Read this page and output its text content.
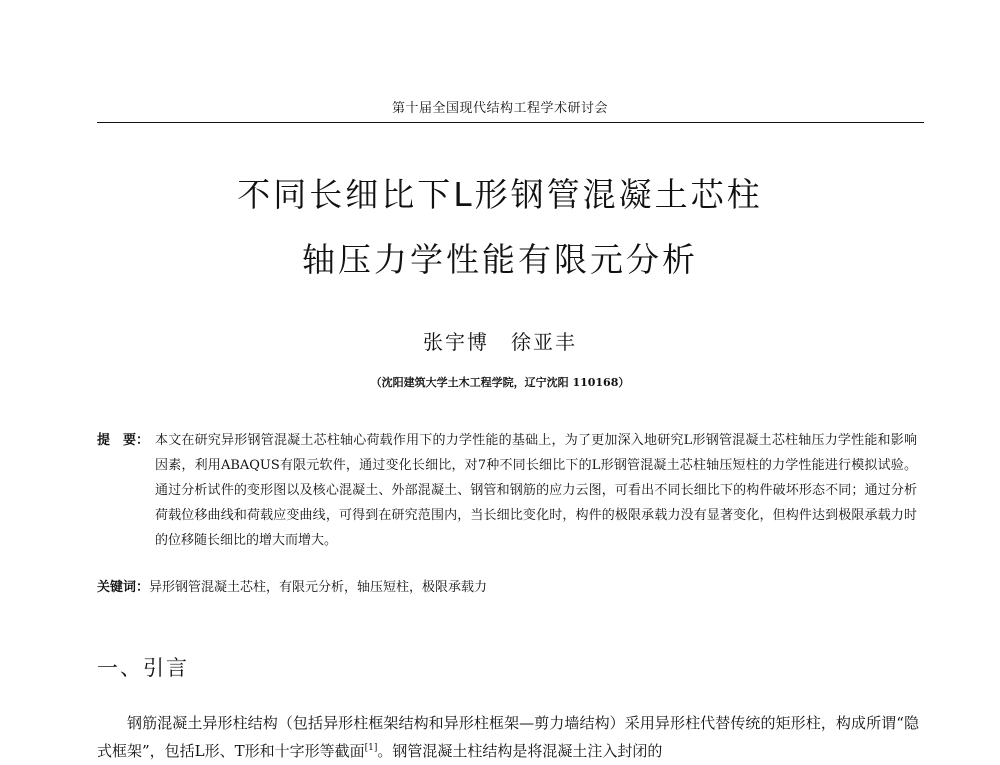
第十届全国现代结构工程学术研讨会
不同长细比下L形钢管混凝土芯柱
轴压力学性能有限元分析
张宇博 徐亚丰
（沈阳建筑大学土木工程学院，辽宁沈阳 110168）
提　要： 本文在研究异形钢管混凝土芯柱轴心荷载作用下的力学性能的基础上，为了更加深入地研究L形钢管混凝土芯柱轴压力学性能和影响因素，利用ABAQUS有限元软件，通过变化长细比，对7种不同长细比下的L形钢管混凝土芯柱轴压短柱的力学性能进行模拟试验。通过分析试件的变形图以及核心混凝土、外部混凝土、钢管和钢筋的应力云图，可看出不同长细比下的构件破坏形态不同；通过分析荷载位移曲线和荷载应变曲线，可得到在研究范围内，当长细比变化时，构件的极限承载力没有显著变化，但构件达到极限承载力时的位移随长细比的增大而增大。
关键词：异形钢管混凝土芯柱，有限元分析，轴压短柱，极限承载力
一、引言
钢筋混凝土异形柱结构（包括异形柱框架结构和异形柱框架—剪力墙结构）采用异形柱代替传统的矩形柱，构成所谓“隐式框架”，包括L形、T形和十字形等截面[1]。钢管混凝土柱结构是将混凝土注入封闭的
